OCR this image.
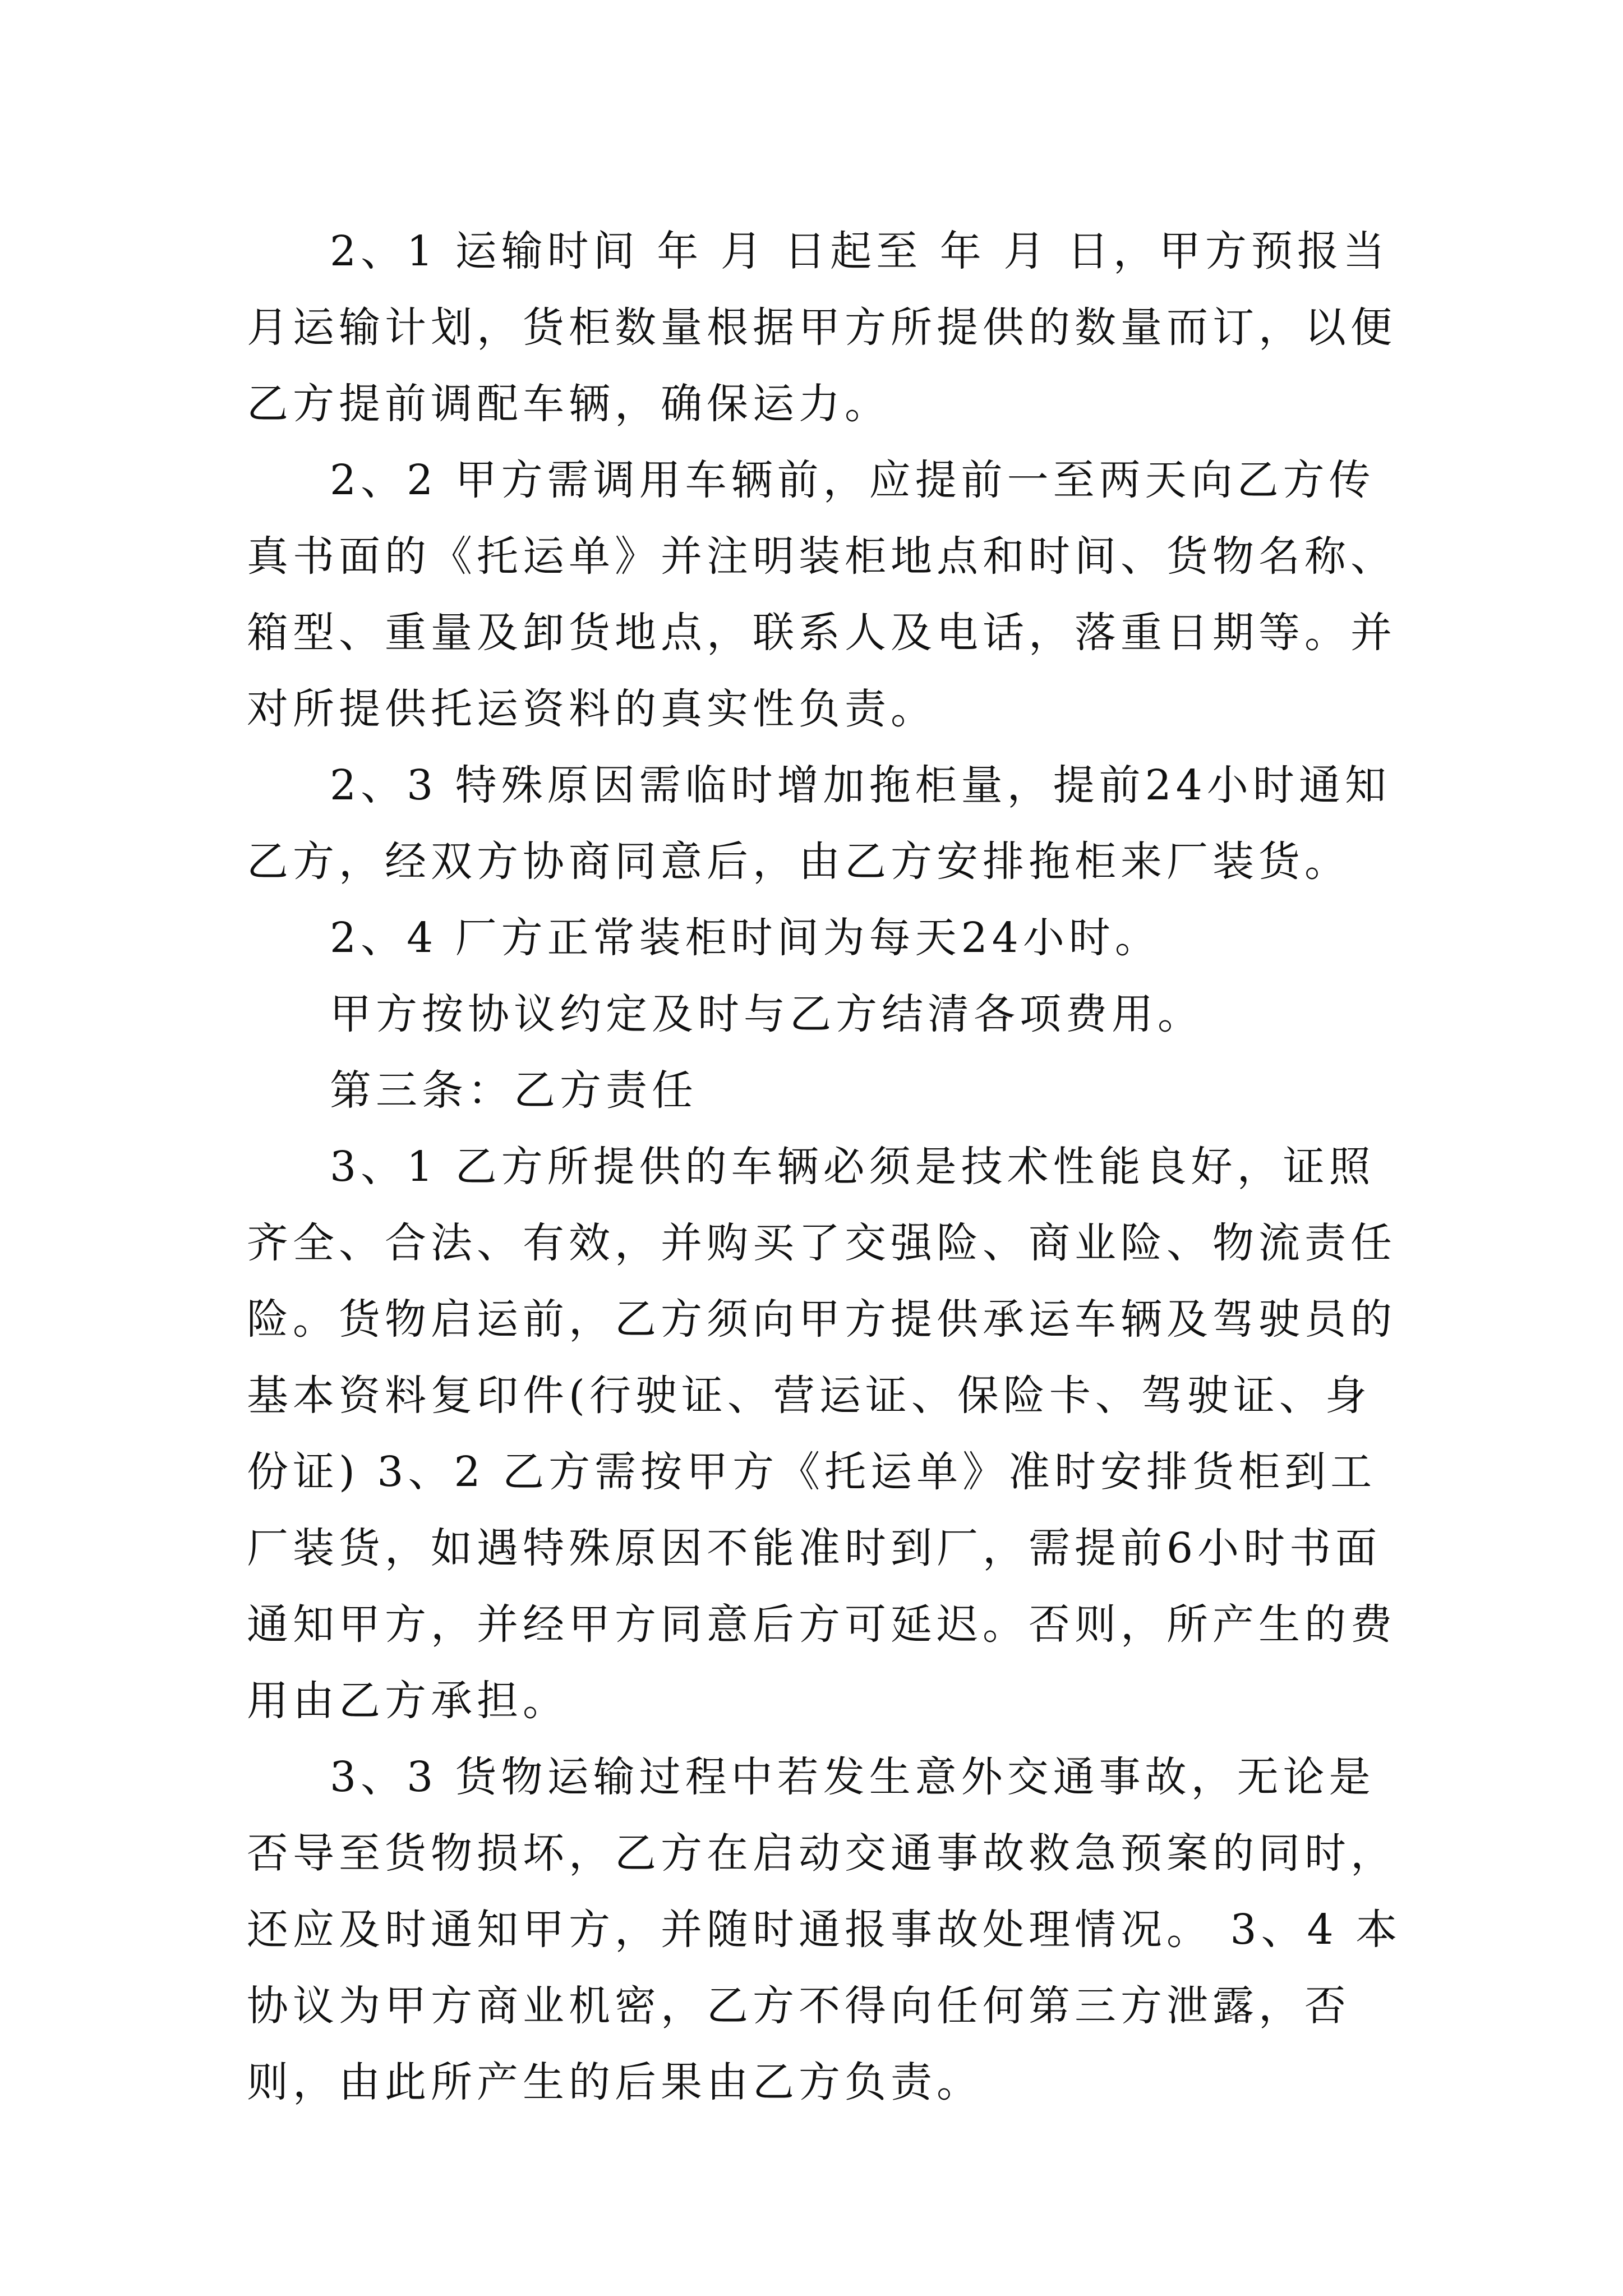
2、1 运输时间 年 月 日起至 年 月 日，甲方预报当月运输计划，货柜数量根据甲方所提供的数量而订，以便乙方提前调配车辆，确保运力。

2、2 甲方需调用车辆前，应提前一至两天向乙方传真书面的《托运单》并注明装柜地点和时间、货物名称、箱型、重量及卸货地点，联系人及电话，落重日期等。并对所提供托运资料的真实性负责。

2、3 特殊原因需临时增加拖柜量，提前24小时通知乙方，经双方协商同意后，由乙方安排拖柜来厂装货。

2、4 厂方正常装柜时间为每天24小时。

甲方按协议约定及时与乙方结清各项费用。

第三条：乙方责任

3、1 乙方所提供的车辆必须是技术性能良好，证照齐全、合法、有效，并购买了交强险、商业险、物流责任险。货物启运前，乙方须向甲方提供承运车辆及驾驶员的基本资料复印件(行驶证、营运证、保险卡、驾驶证、身份证) 3、2 乙方需按甲方《托运单》准时安排货柜到工厂装货，如遇特殊原因不能准时到厂，需提前6小时书面通知甲方，并经甲方同意后方可延迟。否则，所产生的费用由乙方承担。

3、3 货物运输过程中若发生意外交通事故，无论是否导至货物损坏，乙方在启动交通事故救急预案的同时，还应及时通知甲方，并随时通报事故处理情况。 3、4 本协议为甲方商业机密，乙方不得向任何第三方泄露，否则，由此所产生的后果由乙方负责。
